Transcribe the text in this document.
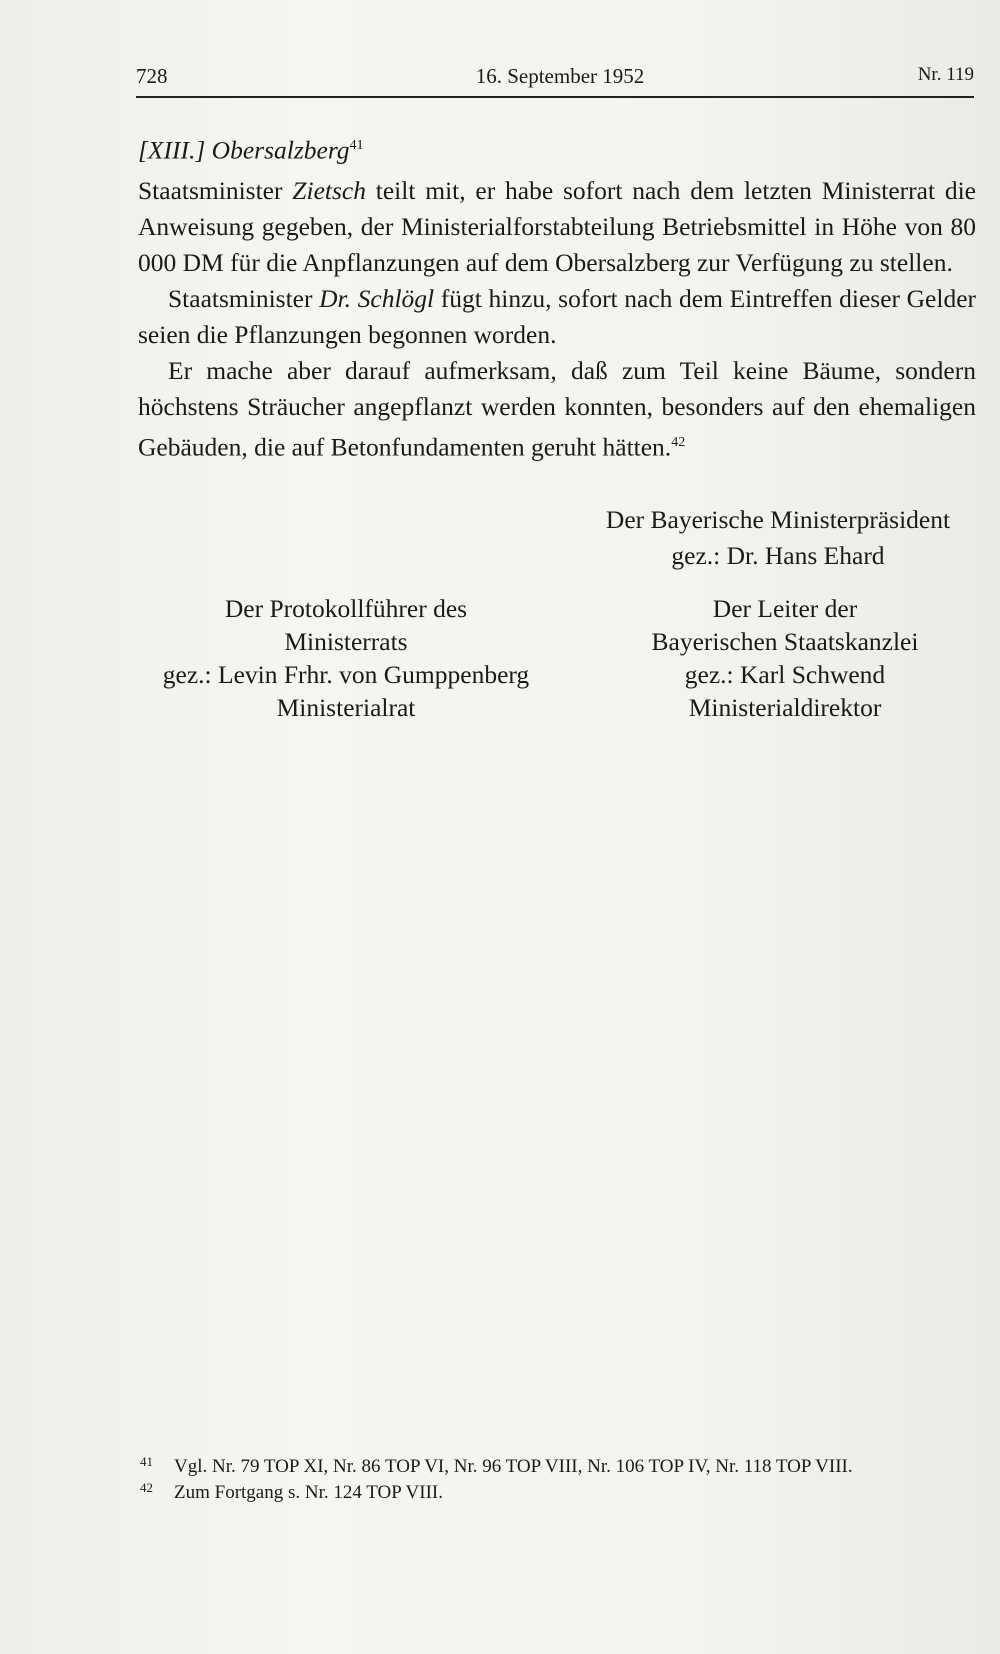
728	16. September 1952	Nr. 119

[XIII.] Obersalzberg$^{41}$

Staatsminister Zietsch teilt mit, er habe sofort nach dem letzten Ministerrat die Anweisung gegeben, der Ministerialforstabteilung Betriebsmittel in Höhe von 80 000 DM für die Anpflanzungen auf dem Obersalzberg zur Verfügung zu stellen.

Staatsminister Dr. Schlögl fügt hinzu, sofort nach dem Eintreffen dieser Gelder seien die Pflanzungen begonnen worden.

Er mache aber darauf aufmerksam, daß zum Teil keine Bäume, sondern höchstens Sträucher angepflanzt werden konnten, besonders auf den ehemaligen Gebäuden, die auf Betonfundamenten geruht hätten.$^{42}$

Der Bayerische Ministerpräsident
gez.: Dr. Hans Ehard
Der Protokollführer des
Ministerrats
gez.: Levin Frhr. von Gumppenberg
Ministerialrat
Der Leiter der
Bayerischen Staatskanzlei
gez.: Karl Schwend
Ministerialdirektor
41	Vgl. Nr. 79 TOP XI, Nr. 86 TOP VI, Nr. 96 TOP VIII, Nr. 106 TOP IV, Nr. 118 TOP VIII.
42	Zum Fortgang s. Nr. 124 TOP VIII.
